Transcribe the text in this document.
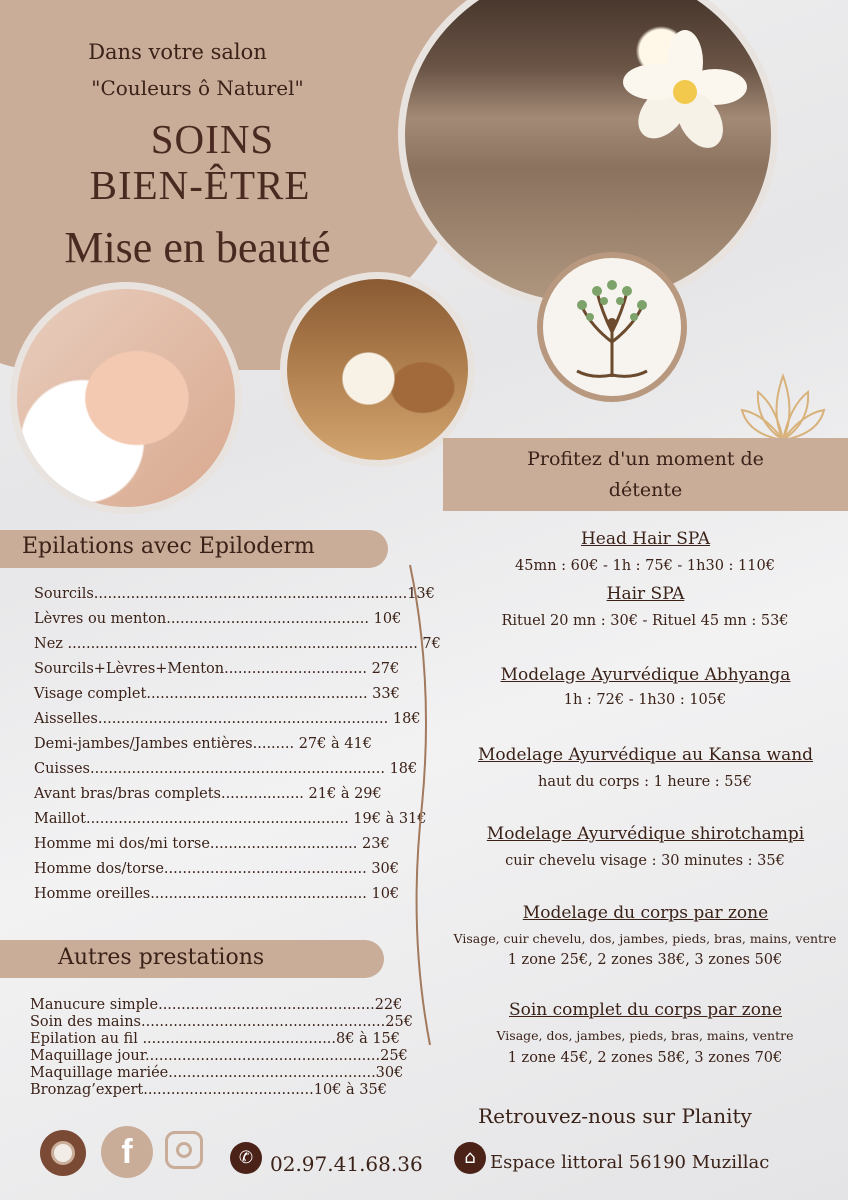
Dans votre salon
"Couleurs ô Naturel"
SOINS
BIEN-ÊTRE
Mise en beauté
Profitez d'un moment de
détente
Epilations avec Epiloderm
Sourcils....................................................................13€
Lèvres ou menton............................................ 10€
Nez ............................................................................ 7€
Sourcils+Lèvres+Menton............................... 27€
Visage complet................................................ 33€
Aisselles............................................................... 18€
Demi-jambes/Jambes entières......... 27€ à 41€
Cuisses................................................................ 18€
Avant bras/bras complets.................. 21€ à 29€
Maillot......................................................... 19€ à 31€
Homme mi dos/mi torse................................ 23€
Homme dos/torse............................................ 30€
Homme oreilles............................................... 10€
Autres prestations
Manucure simple...............................................22€
Soin des mains.....................................................25€
Epilation au fil ..........................................8€ à 15€
Maquillage jour...................................................25€
Maquillage mariée.............................................30€
Bronzag’expert.....................................10€ à 35€
Head Hair SPA
45mn : 60€ - 1h : 75€ - 1h30 : 110€
Hair SPA
Rituel 20 mn : 30€ - Rituel 45 mn : 53€
Modelage Ayurvédique Abhyanga
1h : 72€ - 1h30 : 105€
Modelage Ayurvédique au Kansa wand
haut du corps : 1 heure : 55€
Modelage Ayurvédique shirotchampi
cuir chevelu visage : 30 minutes : 35€
Modelage du corps par zone
Visage, cuir chevelu, dos, jambes, pieds, bras, mains, ventre
1 zone 25€, 2 zones 38€, 3 zones 50€
Soin complet du corps par zone
Visage, dos, jambes, pieds, bras, mains, ventre
1 zone 45€, 2 zones 58€, 3 zones 70€
Retrouvez-nous sur Planity
f	✆ 02.97.41.68.36	⌂ Espace littoral 56190 Muzillac
